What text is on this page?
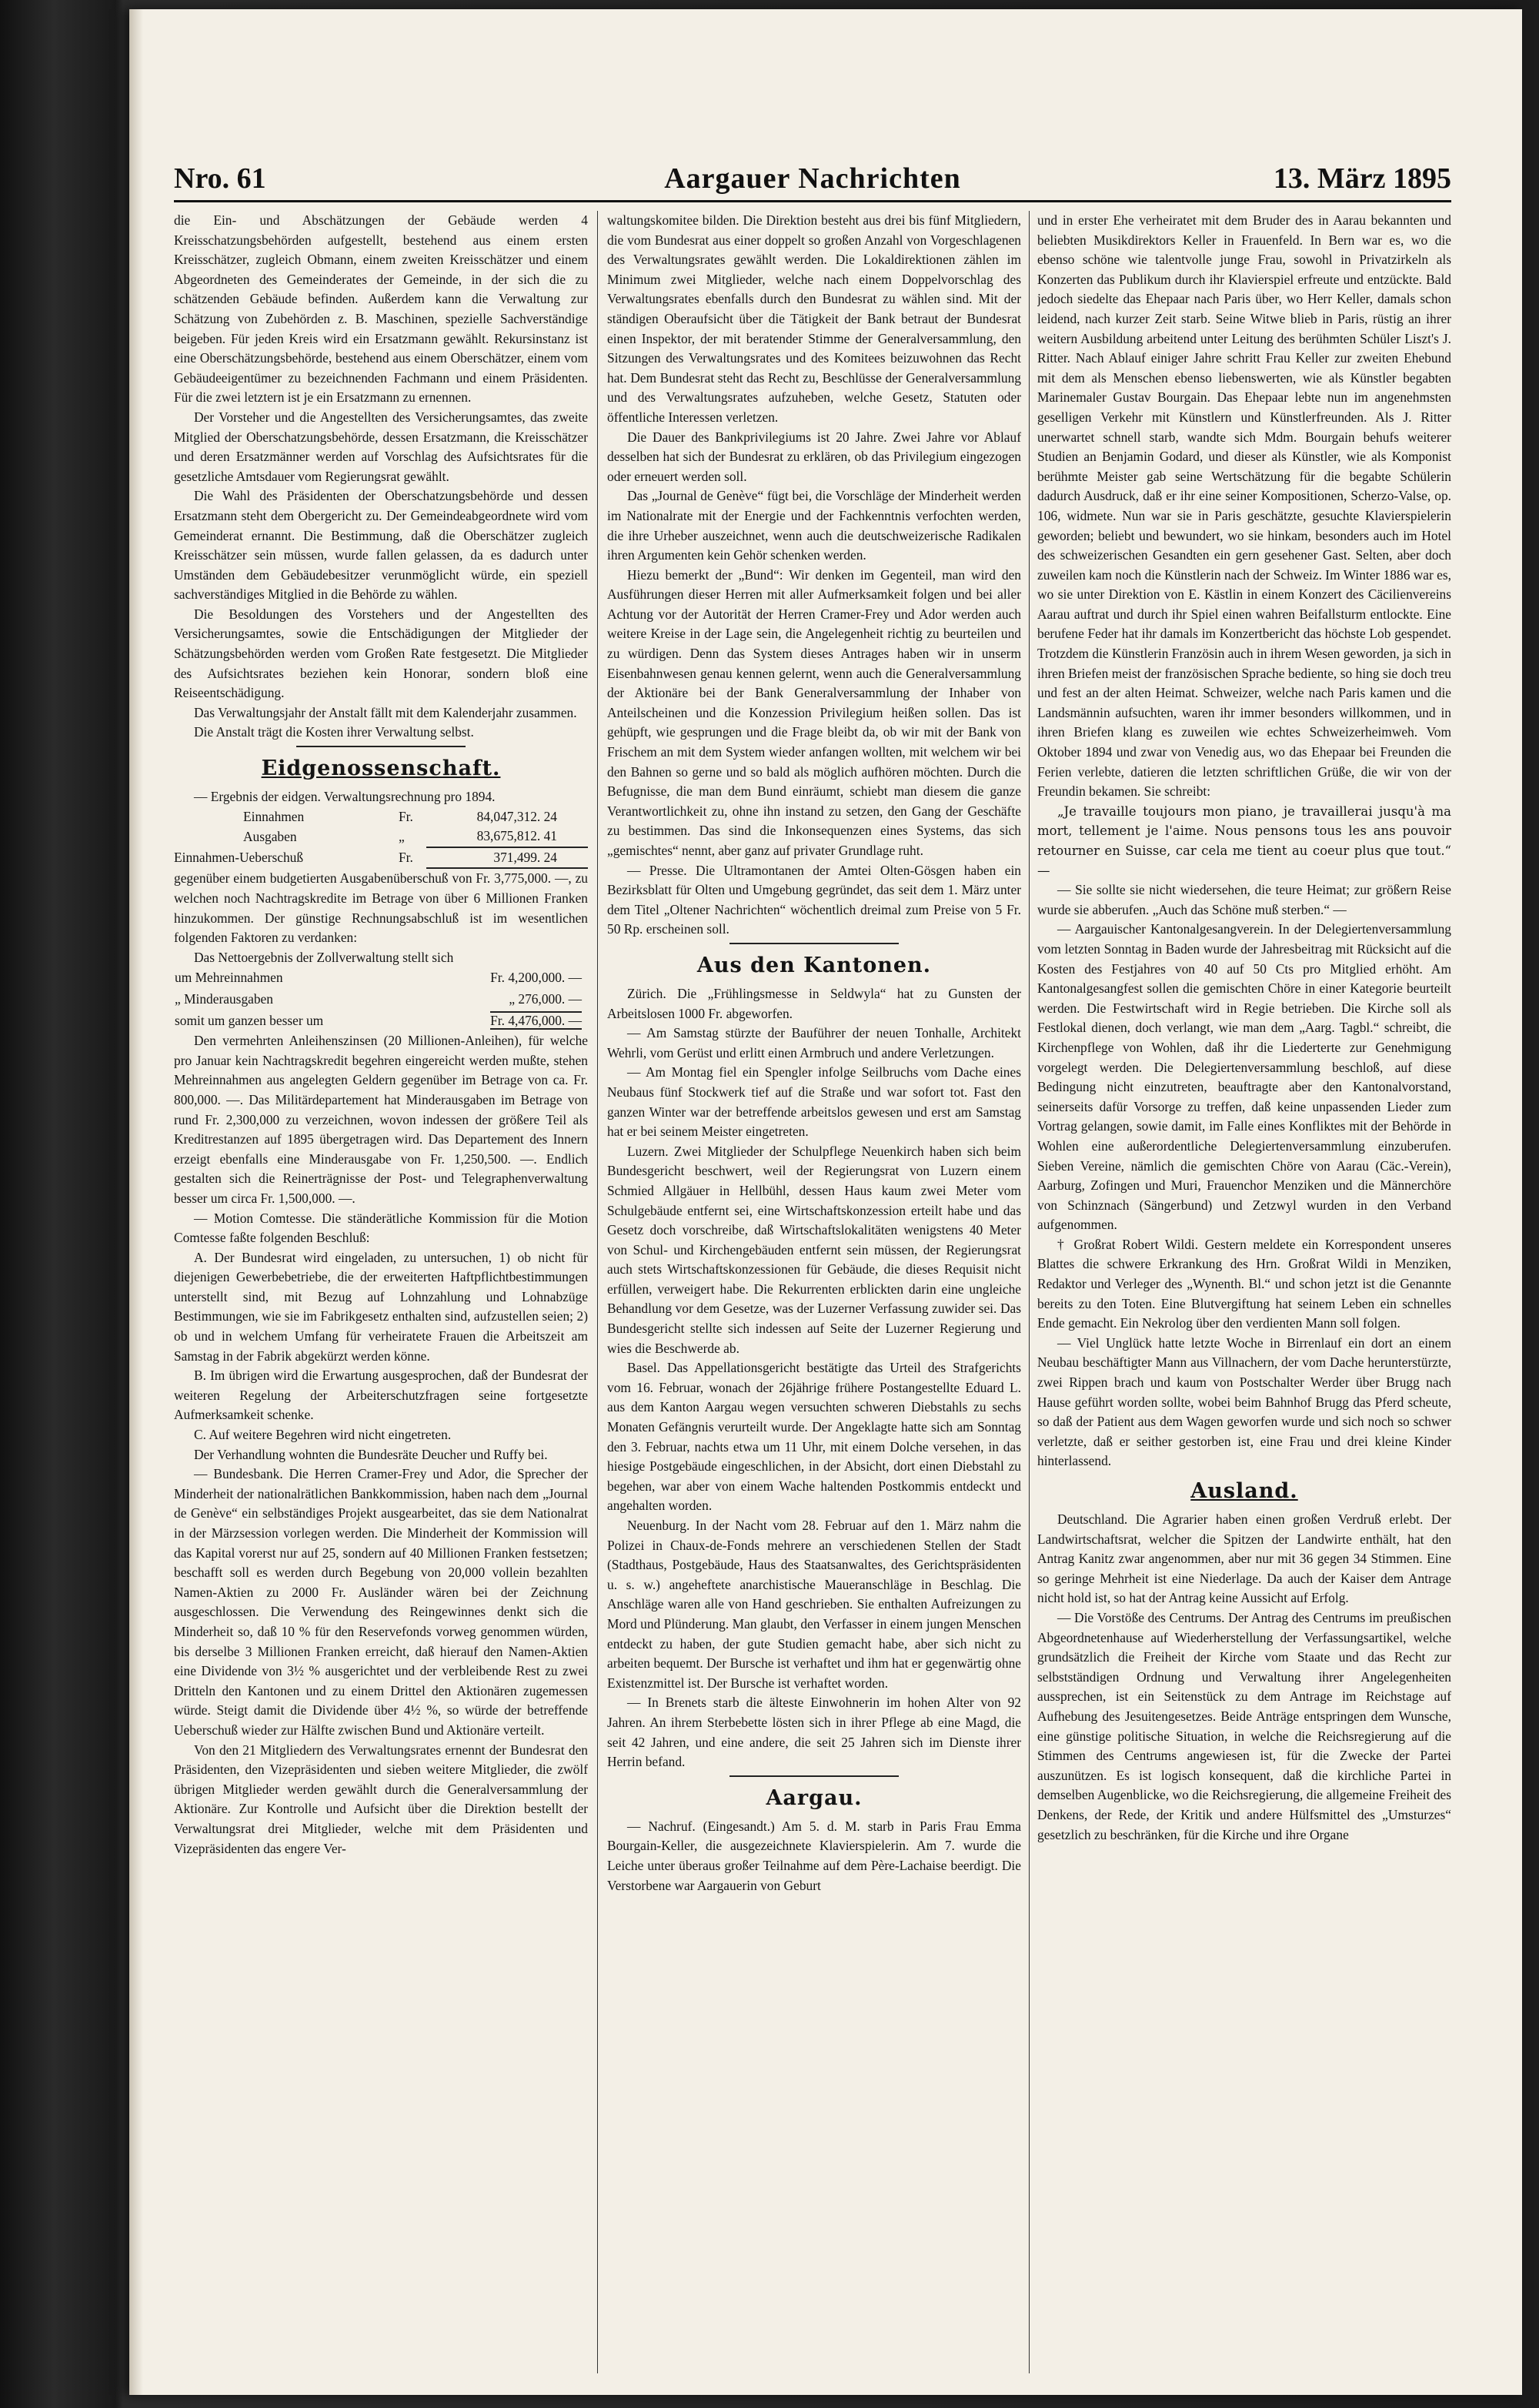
Nro. 61	Aargauer Nachrichten	13. März 1895

die Ein- und Abschätzungen der Gebäude werden 4 Kreisschatzungsbehörden aufgestellt, bestehend aus einem ersten Kreisschätzer, zugleich Obmann, einem zweiten Kreisschätzer und einem Abgeordneten des Gemeinderates der Gemeinde, in der sich die zu schätzenden Gebäude befinden. Außerdem kann die Verwaltung zur Schätzung von Zubehörden z. B. Maschinen, spezielle Sachverständige beigeben. Für jeden Kreis wird ein Ersatzmann gewählt. Rekursinstanz ist eine Oberschätzungsbehörde, bestehend aus einem Oberschätzer, einem vom Gebäudeeigentümer zu bezeichnenden Fachmann und einem Präsidenten. Für die zwei letztern ist je ein Ersatzmann zu ernennen.

Der Vorsteher und die Angestellten des Versicherungsamtes, das zweite Mitglied der Oberschatzungsbehörde, dessen Ersatzmann, die Kreisschätzer und deren Ersatzmänner werden auf Vorschlag des Aufsichtsrates für die gesetzliche Amtsdauer vom Regierungsrat gewählt.

Die Wahl des Präsidenten der Oberschatzungsbehörde und dessen Ersatzmann steht dem Obergericht zu. Der Gemeindeabgeordnete wird vom Gemeinderat ernannt. Die Bestimmung, daß die Oberschätzer zugleich Kreisschätzer sein müssen, wurde fallen gelassen, da es dadurch unter Umständen dem Gebäudebesitzer verunmöglicht würde, ein speziell sachverständiges Mitglied in die Behörde zu wählen.

Die Besoldungen des Vorstehers und der Angestellten des Versicherungsamtes, sowie die Entschädigungen der Mitglieder der Schätzungsbehörden werden vom Großen Rate festgesetzt. Die Mitglieder des Aufsichtsrates beziehen kein Honorar, sondern bloß eine Reiseentschädigung.

Das Verwaltungsjahr der Anstalt fällt mit dem Kalenderjahr zusammen.

Die Anstalt trägt die Kosten ihrer Verwaltung selbst.

Eidgenossenschaft.

— Ergebnis der eidgen. Verwaltungsrechnung pro 1894.

Einnahmen	Fr.	84,047,312. 24
Ausgaben	„	83,675,812. 41
Einnahmen-Ueberschuß	Fr.	371,499. 24

gegenüber einem budgetierten Ausgabenüberschuß von Fr. 3,775,000. —, zu welchen noch Nachtragskredite im Betrage von über 6 Millionen Franken hinzukommen. Der günstige Rechnungsabschluß ist im wesentlichen folgenden Faktoren zu verdanken:

Das Nettoergebnis der Zollverwaltung stellt sich

um Mehreinnahmen	Fr. 4,200,000. —
„ Minderausgaben	„ 276,000. —
somit um ganzen besser um	Fr. 4,476,000. —

Den vermehrten Anleihenszinsen (20 Millionen-Anleihen), für welche pro Januar kein Nachtragskredit begehren eingereicht werden mußte, stehen Mehreinnahmen aus angelegten Geldern gegenüber im Betrage von ca. Fr. 800,000. —. Das Militärdepartement hat Minderausgaben im Betrage von rund Fr. 2,300,000 zu verzeichnen, wovon indessen der größere Teil als Kreditrestanzen auf 1895 übergetragen wird. Das Departement des Innern erzeigt ebenfalls eine Minderausgabe von Fr. 1,250,500. —. Endlich gestalten sich die Reinerträgnisse der Post- und Telegraphenverwaltung besser um circa Fr. 1,500,000. —.

— Motion Comtesse. Die ständerätliche Kommission für die Motion Comtesse faßte folgenden Beschluß:

A. Der Bundesrat wird eingeladen, zu untersuchen, 1) ob nicht für diejenigen Gewerbebetriebe, die der erweiterten Haftpflichtbestimmungen unterstellt sind, mit Bezug auf Lohnzahlung und Lohnabzüge Bestimmungen, wie sie im Fabrikgesetz enthalten sind, aufzustellen seien; 2) ob und in welchem Umfang für verheiratete Frauen die Arbeitszeit am Samstag in der Fabrik abgekürzt werden könne.

B. Im übrigen wird die Erwartung ausgesprochen, daß der Bundesrat der weiteren Regelung der Arbeiterschutzfragen seine fortgesetzte Aufmerksamkeit schenke.

C. Auf weitere Begehren wird nicht eingetreten.

Der Verhandlung wohnten die Bundesräte Deucher und Ruffy bei.

— Bundesbank. Die Herren Cramer-Frey und Ador, die Sprecher der Minderheit der nationalrätlichen Bankkommission, haben nach dem „Journal de Genève“ ein selbständiges Projekt ausgearbeitet, das sie dem Nationalrat in der Märzsession vorlegen werden. Die Minderheit der Kommission will das Kapital vorerst nur auf 25, sondern auf 40 Millionen Franken festsetzen; beschafft soll es werden durch Begebung von 20,000 vollein bezahlten Namen-Aktien zu 2000 Fr. Ausländer wären bei der Zeichnung ausgeschlossen. Die Verwendung des Reingewinnes denkt sich die Minderheit so, daß 10 % für den Reservefonds vorweg genommen würden, bis derselbe 3 Millionen Franken erreicht, daß hierauf den Namen-Aktien eine Dividende von 3½ % ausgerichtet und der verbleibende Rest zu zwei Dritteln den Kantonen und zu einem Drittel den Aktionären zugemessen würde. Steigt damit die Dividende über 4½ %, so würde der betreffende Ueberschuß wieder zur Hälfte zwischen Bund und Aktionäre verteilt.

Von den 21 Mitgliedern des Verwaltungsrates ernennt der Bundesrat den Präsidenten, den Vizepräsidenten und sieben weitere Mitglieder, die zwölf übrigen Mitglieder werden gewählt durch die Generalversammlung der Aktionäre. Zur Kontrolle und Aufsicht über die Direktion bestellt der Verwaltungsrat drei Mitglieder, welche mit dem Präsidenten und Vizepräsidenten das engere Ver-

waltungskomitee bilden. Die Direktion besteht aus drei bis fünf Mitgliedern, die vom Bundesrat aus einer doppelt so großen Anzahl von Vorgeschlagenen des Verwaltungsrates gewählt werden. Die Lokaldirektionen zählen im Minimum zwei Mitglieder, welche nach einem Doppelvorschlag des Verwaltungsrates ebenfalls durch den Bundesrat zu wählen sind. Mit der ständigen Oberaufsicht über die Tätigkeit der Bank betraut der Bundesrat einen Inspektor, der mit beratender Stimme der Generalversammlung, den Sitzungen des Verwaltungsrates und des Komitees beizuwohnen das Recht hat. Dem Bundesrat steht das Recht zu, Beschlüsse der Generalversammlung und des Verwaltungsrates aufzuheben, welche Gesetz, Statuten oder öffentliche Interessen verletzen.

Die Dauer des Bankprivilegiums ist 20 Jahre. Zwei Jahre vor Ablauf desselben hat sich der Bundesrat zu erklären, ob das Privilegium eingezogen oder erneuert werden soll.

Das „Journal de Genève“ fügt bei, die Vorschläge der Minderheit werden im Nationalrate mit der Energie und der Fachkenntnis verfochten werden, die ihre Urheber auszeichnet, wenn auch die deutschweizerische Radikalen ihren Argumenten kein Gehör schenken werden.

Hiezu bemerkt der „Bund“: Wir denken im Gegenteil, man wird den Ausführungen dieser Herren mit aller Aufmerksamkeit folgen und bei aller Achtung vor der Autorität der Herren Cramer-Frey und Ador werden auch weitere Kreise in der Lage sein, die Angelegenheit richtig zu beurteilen und zu würdigen. Denn das System dieses Antrages haben wir in unserm Eisenbahnwesen genau kennen gelernt, wenn auch die Generalversammlung der Aktionäre bei der Bank Generalversammlung der Inhaber von Anteilscheinen und die Konzession Privilegium heißen sollen. Das ist gehüpft, wie gesprungen und die Frage bleibt da, ob wir mit der Bank von Frischem an mit dem System wieder anfangen wollten, mit welchem wir bei den Bahnen so gerne und so bald als möglich aufhören möchten. Durch die Befugnisse, die man dem Bund einräumt, schiebt man diesem die ganze Verantwortlichkeit zu, ohne ihn instand zu setzen, den Gang der Geschäfte zu bestimmen. Das sind die Inkonsequenzen eines Systems, das sich „gemischtes“ nennt, aber ganz auf privater Grundlage ruht.

— Presse. Die Ultramontanen der Amtei Olten-Gösgen haben ein Bezirksblatt für Olten und Umgebung gegründet, das seit dem 1. März unter dem Titel „Oltener Nachrichten“ wöchentlich dreimal zum Preise von 5 Fr. 50 Rp. erscheinen soll.

Aus den Kantonen.

Zürich. Die „Frühlingsmesse in Seldwyla“ hat zu Gunsten der Arbeitslosen 1000 Fr. abgeworfen.

— Am Samstag stürzte der Bauführer der neuen Tonhalle, Architekt Wehrli, vom Gerüst und erlitt einen Armbruch und andere Verletzungen.

— Am Montag fiel ein Spengler infolge Seilbruchs vom Dache eines Neubaus fünf Stockwerk tief auf die Straße und war sofort tot. Fast den ganzen Winter war der betreffende arbeitslos gewesen und erst am Samstag hat er bei seinem Meister eingetreten.

Luzern. Zwei Mitglieder der Schulpflege Neuenkirch haben sich beim Bundesgericht beschwert, weil der Regierungsrat von Luzern einem Schmied Allgäuer in Hellbühl, dessen Haus kaum zwei Meter vom Schulgebäude entfernt sei, eine Wirtschaftskonzession erteilt habe und das Gesetz doch vorschreibe, daß Wirtschaftslokalitäten wenigstens 40 Meter von Schul- und Kirchengebäuden entfernt sein müssen, der Regierungsrat auch stets Wirtschaftskonzessionen für Gebäude, die dieses Requisit nicht erfüllen, verweigert habe. Die Rekurrenten erblickten darin eine ungleiche Behandlung vor dem Gesetze, was der Luzerner Verfassung zuwider sei. Das Bundesgericht stellte sich indessen auf Seite der Luzerner Regierung und wies die Beschwerde ab.

Basel. Das Appellationsgericht bestätigte das Urteil des Strafgerichts vom 16. Februar, wonach der 26jährige frühere Postangestellte Eduard L. aus dem Kanton Aargau wegen versuchten schweren Diebstahls zu sechs Monaten Gefängnis verurteilt wurde. Der Angeklagte hatte sich am Sonntag den 3. Februar, nachts etwa um 11 Uhr, mit einem Dolche versehen, in das hiesige Postgebäude eingeschlichen, in der Absicht, dort einen Diebstahl zu begehen, war aber von einem Wache haltenden Postkommis entdeckt und angehalten worden.

Neuenburg. In der Nacht vom 28. Februar auf den 1. März nahm die Polizei in Chaux-de-Fonds mehrere an verschiedenen Stellen der Stadt (Stadthaus, Postgebäude, Haus des Staatsanwaltes, des Gerichtspräsidenten u. s. w.) angeheftete anarchistische Maueranschläge in Beschlag. Die Anschläge waren alle von Hand geschrieben. Sie enthalten Aufreizungen zu Mord und Plünderung. Man glaubt, den Verfasser in einem jungen Menschen entdeckt zu haben, der gute Studien gemacht habe, aber sich nicht zu arbeiten bequemt. Der Bursche ist verhaftet und ihm hat er gegenwärtig ohne Existenzmittel ist. Der Bursche ist verhaftet worden.

— In Brenets starb die älteste Einwohnerin im hohen Alter von 92 Jahren. An ihrem Sterbebette lösten sich in ihrer Pflege ab eine Magd, die seit 42 Jahren, und eine andere, die seit 25 Jahren sich im Dienste ihrer Herrin befand.

Aargau.

— Nachruf. (Eingesandt.) Am 5. d. M. starb in Paris Frau Emma Bourgain-Keller, die ausgezeichnete Klavierspielerin. Am 7. wurde die Leiche unter überaus großer Teilnahme auf dem Père-Lachaise beerdigt. Die Verstorbene war Aargauerin von Geburt

und in erster Ehe verheiratet mit dem Bruder des in Aarau bekannten und beliebten Musikdirektors Keller in Frauenfeld. In Bern war es, wo die ebenso schöne wie talentvolle junge Frau, sowohl in Privatzirkeln als Konzerten das Publikum durch ihr Klavierspiel erfreute und entzückte. Bald jedoch siedelte das Ehepaar nach Paris über, wo Herr Keller, damals schon leidend, nach kurzer Zeit starb. Seine Witwe blieb in Paris, rüstig an ihrer weitern Ausbildung arbeitend unter Leitung des berühmten Schüler Liszt's J. Ritter. Nach Ablauf einiger Jahre schritt Frau Keller zur zweiten Ehebund mit dem als Menschen ebenso liebenswerten, wie als Künstler begabten Marinemaler Gustav Bourgain. Das Ehepaar lebte nun im angenehmsten geselligen Verkehr mit Künstlern und Künstlerfreunden. Als J. Ritter unerwartet schnell starb, wandte sich Mdm. Bourgain behufs weiterer Studien an Benjamin Godard, und dieser als Künstler, wie als Komponist berühmte Meister gab seine Wertschätzung für die begabte Schülerin dadurch Ausdruck, daß er ihr eine seiner Kompositionen, Scherzo-Valse, op. 106, widmete. Nun war sie in Paris geschätzte, gesuchte Klavierspielerin geworden; beliebt und bewundert, wo sie hinkam, besonders auch im Hotel des schweizerischen Gesandten ein gern gesehener Gast. Selten, aber doch zuweilen kam noch die Künstlerin nach der Schweiz. Im Winter 1886 war es, wo sie unter Direktion von E. Kästlin in einem Konzert des Cäcilienvereins Aarau auftrat und durch ihr Spiel einen wahren Beifallsturm entlockte. Eine berufene Feder hat ihr damals im Konzertbericht das höchste Lob gespendet. Trotzdem die Künstlerin Französin auch in ihrem Wesen geworden, ja sich in ihren Briefen meist der französischen Sprache bediente, so hing sie doch treu und fest an der alten Heimat. Schweizer, welche nach Paris kamen und die Landsmännin aufsuchten, waren ihr immer besonders willkommen, und in ihren Briefen klang es zuweilen wie echtes Schweizerheimweh. Vom Oktober 1894 und zwar von Venedig aus, wo das Ehepaar bei Freunden die Ferien verlebte, datieren die letzten schriftlichen Grüße, die wir von der Freundin bekamen. Sie schreibt:

„Je travaille toujours mon piano, je travaillerai jusqu'à ma mort, tellement je l'aime. Nous pensons tous les ans pouvoir retourner en Suisse, car cela me tient au coeur plus que tout.“ —

— Sie sollte sie nicht wiedersehen, die teure Heimat; zur größern Reise wurde sie abberufen. „Auch das Schöne muß sterben.“ —

— Aargauischer Kantonalgesangverein. In der Delegiertenversammlung vom letzten Sonntag in Baden wurde der Jahresbeitrag mit Rücksicht auf die Kosten des Festjahres von 40 auf 50 Cts pro Mitglied erhöht. Am Kantonalgesangfest sollen die gemischten Chöre in einer Kategorie beurteilt werden. Die Festwirtschaft wird in Regie betrieben. Die Kirche soll als Festlokal dienen, doch verlangt, wie man dem „Aarg. Tagbl.“ schreibt, die Kirchenpflege von Wohlen, daß ihr die Liederterte zur Genehmigung vorgelegt werden. Die Delegiertenversammlung beschloß, auf diese Bedingung nicht einzutreten, beauftragte aber den Kantonalvorstand, seinerseits dafür Vorsorge zu treffen, daß keine unpassenden Lieder zum Vortrag gelangen, sowie damit, im Falle eines Konfliktes mit der Behörde in Wohlen eine außerordentliche Delegiertenversammlung einzuberufen. Sieben Vereine, nämlich die gemischten Chöre von Aarau (Cäc.-Verein), Aarburg, Zofingen und Muri, Frauenchor Menziken und die Männerchöre von Schinznach (Sängerbund) und Zetzwyl wurden in den Verband aufgenommen.

† Großrat Robert Wildi. Gestern meldete ein Korrespondent unseres Blattes die schwere Erkrankung des Hrn. Großrat Wildi in Menziken, Redaktor und Verleger des „Wynenth. Bl.“ und schon jetzt ist die Genannte bereits zu den Toten. Eine Blutvergiftung hat seinem Leben ein schnelles Ende gemacht. Ein Nekrolog über den verdienten Mann soll folgen.

— Viel Unglück hatte letzte Woche in Birrenlauf ein dort an einem Neubau beschäftigter Mann aus Villnachern, der vom Dache herunterstürzte, zwei Rippen brach und kaum von Postschalter Werder über Brugg nach Hause geführt worden sollte, wobei beim Bahnhof Brugg das Pferd scheute, so daß der Patient aus dem Wagen geworfen wurde und sich noch so schwer verletzte, daß er seither gestorben ist, eine Frau und drei kleine Kinder hinterlassend.

Ausland.

Deutschland. Die Agrarier haben einen großen Verdruß erlebt. Der Landwirtschaftsrat, welcher die Spitzen der Landwirte enthält, hat den Antrag Kanitz zwar angenommen, aber nur mit 36 gegen 34 Stimmen. Eine so geringe Mehrheit ist eine Niederlage. Da auch der Kaiser dem Antrage nicht hold ist, so hat der Antrag keine Aussicht auf Erfolg.

— Die Vorstöße des Centrums. Der Antrag des Centrums im preußischen Abgeordnetenhause auf Wiederherstellung der Verfassungsartikel, welche grundsätzlich die Freiheit der Kirche vom Staate und das Recht zur selbstständigen Ordnung und Verwaltung ihrer Angelegenheiten aussprechen, ist ein Seitenstück zu dem Antrage im Reichstage auf Aufhebung des Jesuitengesetzes. Beide Anträge entspringen dem Wunsche, eine günstige politische Situation, in welche die Reichsregierung auf die Stimmen des Centrums angewiesen ist, für die Zwecke der Partei auszunützen. Es ist logisch konsequent, daß die kirchliche Partei in demselben Augenblicke, wo die Reichsregierung, die allgemeine Freiheit des Denkens, der Rede, der Kritik und andere Hülfsmittel des „Umsturzes“ gesetzlich zu beschränken, für die Kirche und ihre Organe
